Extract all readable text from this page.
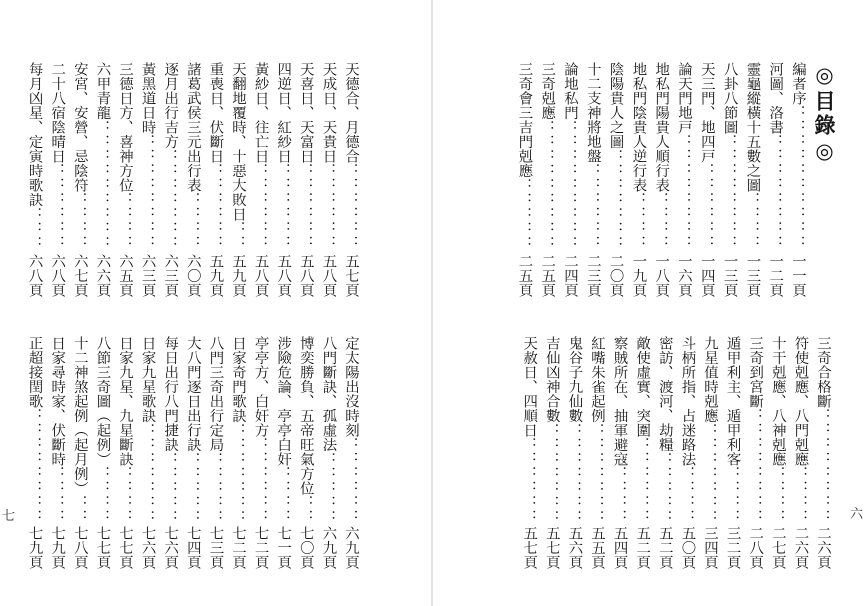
◎目錄◎
編者序：：：：：：：：：：
一一頁
河圖、洛書：：：：：：：：
一二頁
靈龜縱橫十五數之圖：：：：
一三頁
八卦八節圖：：：：：：：：
一三頁
天三門、地四戸：：：：：：
一四頁
論天門地戸：：：：：：：：
一六頁
地私門陽貴人順行表：：：：
一八頁
地私門陰貴人逆行表：：：：
一九頁
陰陽貴人之圖：：：：：：：
二〇頁
十二支神將地盤：：：：：：
二三頁
論地私門：：：：：：：：：
二四頁
三奇剋應：：：：：：：：：
二五頁
三奇會三吉門剋應：：：：：
二五頁
三奇合格斷：：：：：：：：
二六頁
符使剋應、八門剋應：：：：
二六頁
十干剋應、八神剋應：：：：
二七頁
三奇到宮斷：：：：：：：：
二八頁
遁甲利主、遁甲利客：：：：
三二頁
九星值時剋應：：：：：：：
三四頁
斗柄所指、占迷路法：：：：
五〇頁
密訪、渡河、劫糧：：：：：
五二頁
敵使虛實、突圍：：：：：：
五二頁
察賊所在、抽軍避寇：：：：
五四頁
紅嘴朱雀起例：：：：：：：
五五頁
鬼谷子九仙數：：：：：：：
五六頁
吉仙凶神合數：：：：：：：
五七頁
天赦日、四順日：：：：：：
五七頁
六
天德合、月德合：：：：：：
五七頁
天成日、天貴日：：：：：：
五八頁
天喜日、天富日：：：：：：
五八頁
四逆日、紅紗日：：：：：：
五八頁
黃紗日、往亡日：：：：：：
五八頁
天翻地覆時、十惡大敗日：：
五九頁
重喪日、伏斷日：：：：：：
五九頁
諸葛武侯三元出行表：：：：
六〇頁
逐月出行吉方：：：：：：：
六三頁
黃黑道日時：：：：：：：：
六三頁
三德日方、喜神方位：：：：
六五頁
六甲青龍：：：：：：：：：
六六頁
安宮、安營、忌陰符：：：：
六七頁
二十八宿陰晴日：：：：：：
六八頁
每月凶星、定寅時歌訣：：：
六八頁
定太陽出沒時刻：：：：：：
六九頁
八門斷訣、孤虛法：：：：：
六九頁
博奕勝負、五帝旺氣方位：：
七〇頁
涉險危論、亭亭白奸：：：：
七一頁
亭亭方、白奸方：：：：：：
七二頁
日家奇門歌訣：：：：：：：
七二頁
八門三奇出行定局：：：：：
七三頁
大八門逐日出行訣：：：：：
七四頁
每日出行八門捷訣：：：：：
七六頁
日家九星歌訣：：：：：：：
七六頁
日家九星、九星斷訣：：：：
七七頁
八節三奇圖（起例）：：：：
七七頁
十二神煞起例（起月例）：：
七八頁
日家尋時家、伏斷時：：：：
七九頁
正超接閏歌：：：：：：：：
七九頁
七
